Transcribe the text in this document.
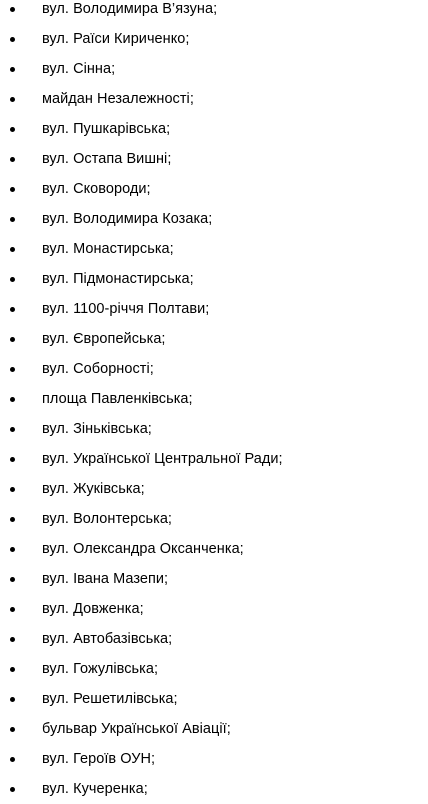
вул. Володимира В’язуна;
вул. Раїси Кириченко;
вул. Сінна;
майдан Незалежності;
вул. Пушкарівська;
вул. Остапа Вишні;
вул. Сковороди;
вул. Володимира Козака;
вул. Монастирська;
вул. Підмонастирська;
вул. 1100-річчя Полтави;
вул. Європейська;
вул. Соборності;
площа Павленківська;
вул. Зіньківська;
вул. Української Центральної Ради;
вул. Жуківська;
вул. Волонтерська;
вул. Олександра Оксанченка;
вул. Івана Мазепи;
вул. Довженка;
вул. Автобазівська;
вул. Гожулівська;
вул. Решетилівська;
бульвар Української Авіації;
вул. Героїв ОУН;
вул. Кучеренка;
